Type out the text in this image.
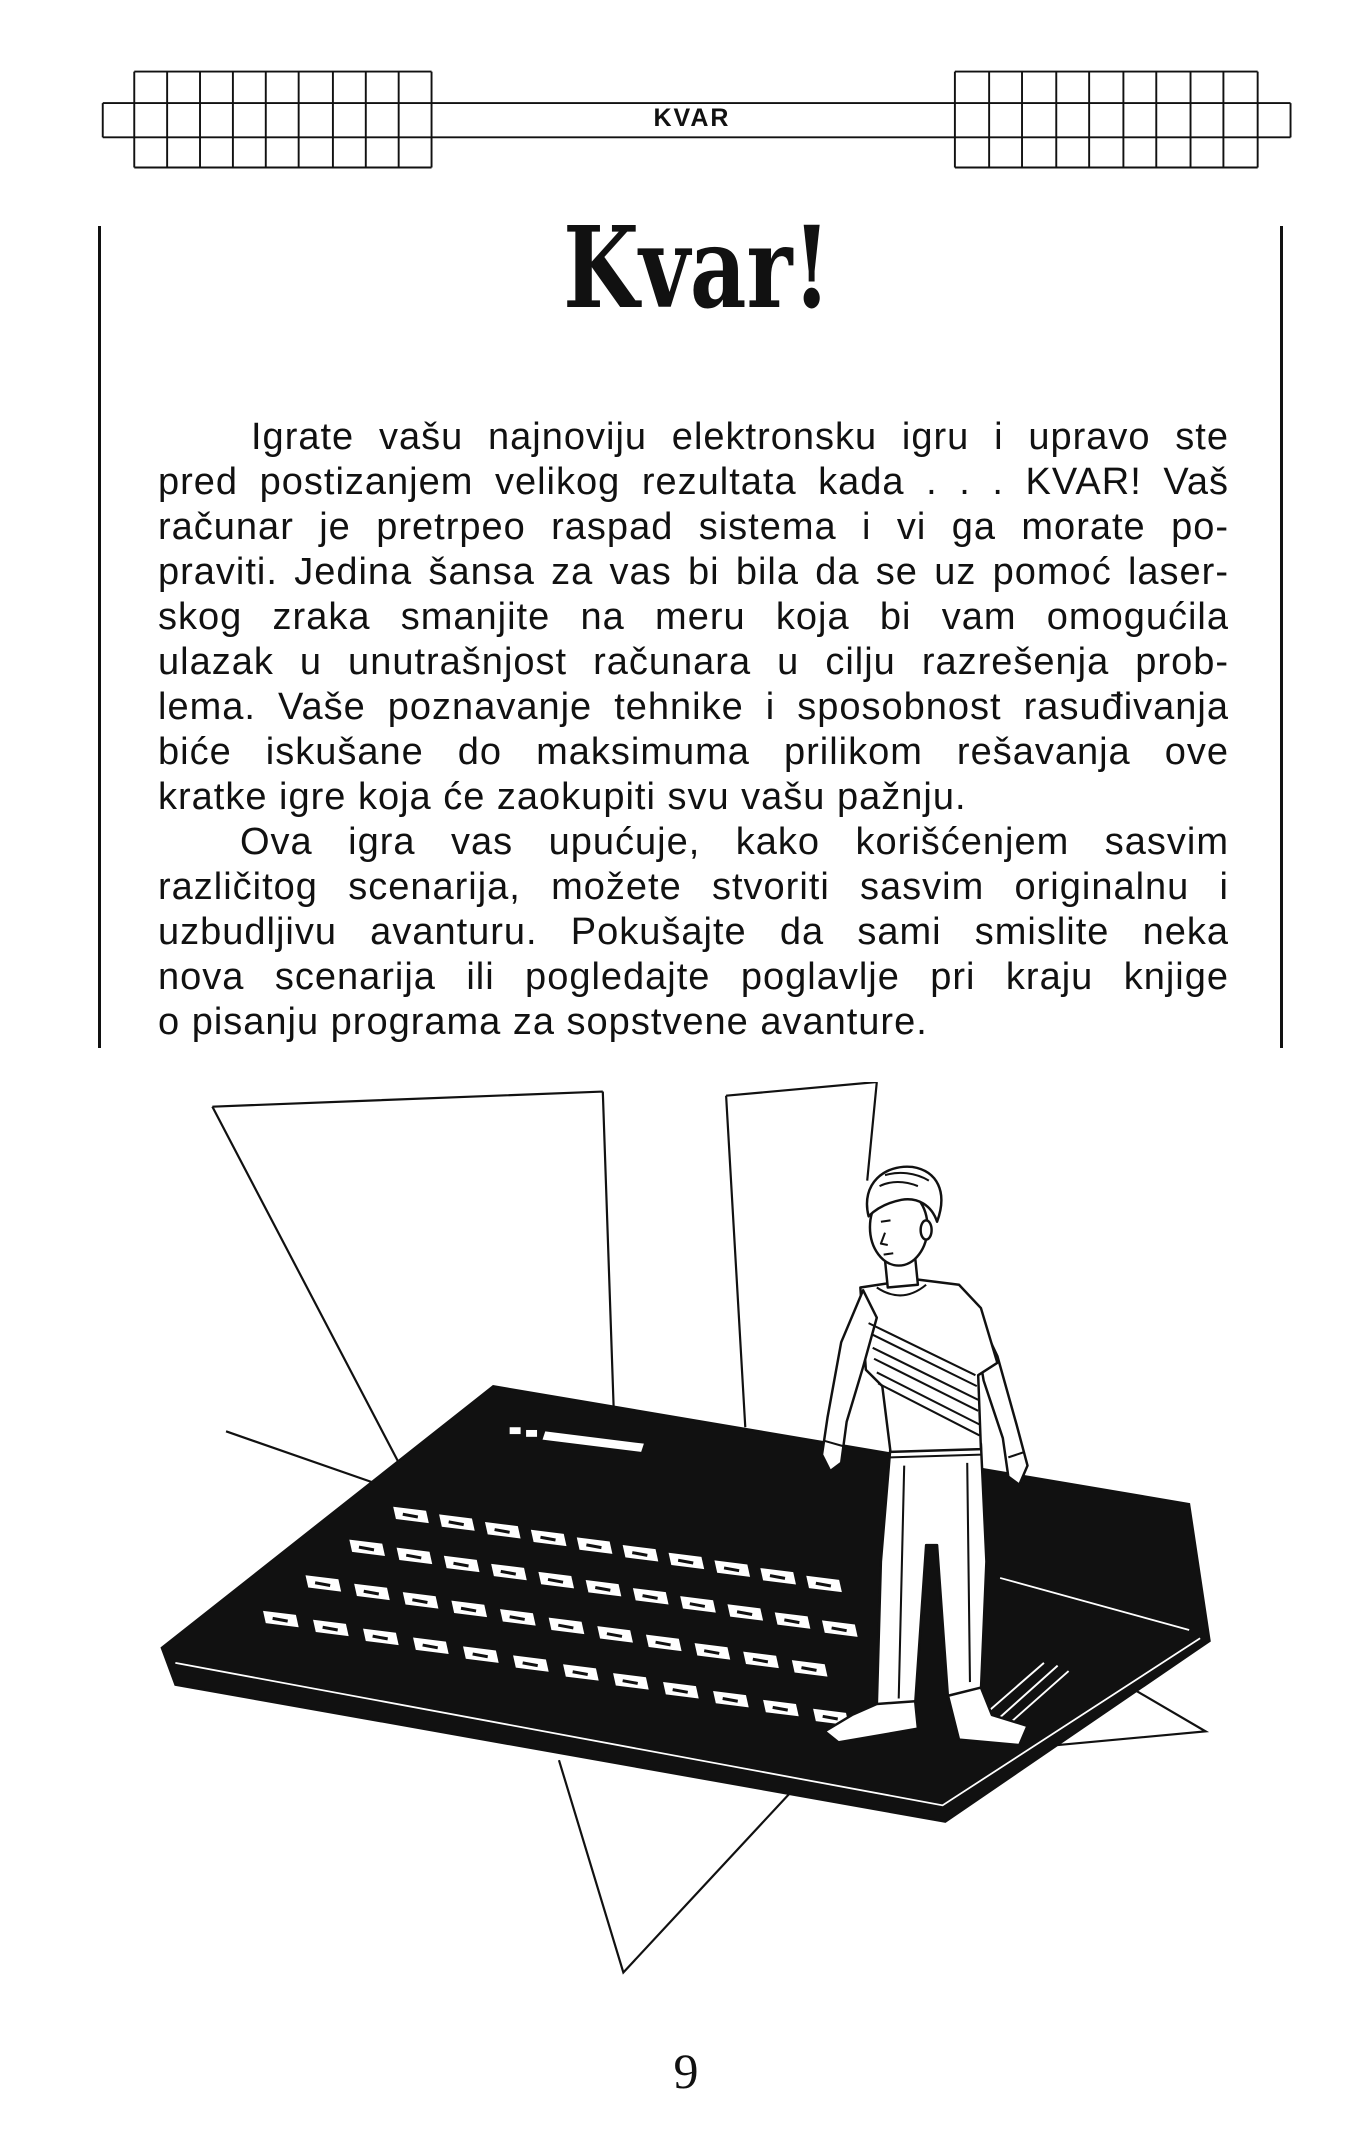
KVAR
Kvar!
Igrate vašu najnoviju elektronsku igru i upravo ste
pred postizanjem velikog rezultata kada . . . KVAR! Vaš
računar je pretrpeo raspad sistema i vi ga morate po-
praviti. Jedina šansa za vas bi bila da se uz pomoć laser-
skog zraka smanjite na meru koja bi vam omogućila
ulazak u unutrašnjost računara u cilju razrešenja prob-
lema. Vaše poznavanje tehnike i sposobnost rasuđivanja
biće iskušane do maksimuma prilikom rešavanja ove
kratke igre koja će zaokupiti svu vašu pažnju.
Ova igra vas upućuje, kako korišćenjem sasvim
različitog scenarija, možete stvoriti sasvim originalnu i
uzbudljivu avanturu. Pokušajte da sami smislite neka
nova scenarija ili pogledajte poglavlje pri kraju knjige
o pisanju programa za sopstvene avanture.
9
